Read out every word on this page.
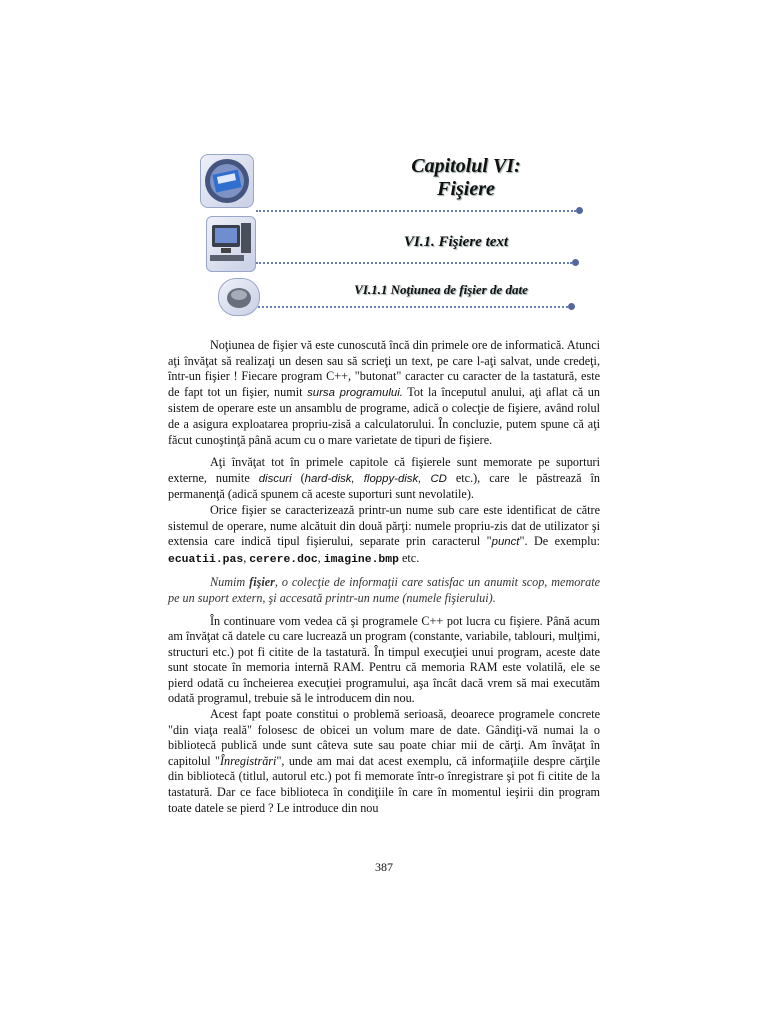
Capitolul VI:
Fişiere
VI.1. Fişiere text
VI.1.1 Noţiunea de fişier de date

Noţiunea de fişier vă este cunoscută încă din primele ore de informatică. Atunci aţi învăţat să realizaţi un desen sau să scrieţi un text, pe care l-aţi salvat, unde credeţi, într-un fişier ! Fiecare program C++, "butonat" caracter cu caracter de la tastatură, este de fapt tot un fişier, numit sursa programului. Tot la începutul anului, aţi aflat că un sistem de operare este un ansamblu de programe, adică o colecţie de fişiere, având rolul de a asigura exploatarea propriu-zisă a calculatorului. În concluzie, putem spune că aţi făcut cunoştinţă până acum cu o mare varietate de tipuri de fişiere.

Aţi învăţat tot în primele capitole că fişierele sunt memorate pe suporturi externe, numite discuri (hard-disk, floppy-disk, CD etc.), care le păstrează în permanenţă (adică spunem că aceste suporturi sunt nevolatile).

Orice fişier se caracterizează printr-un nume sub care este identificat de către sistemul de operare, nume alcătuit din două părţi: numele propriu-zis dat de utilizator şi extensia care indică tipul fişierului, separate prin caracterul "punct". De exemplu: ecuatii.pas, cerere.doc, imagine.bmp etc.

Numim fişier, o colecţie de informaţii care satisfac un anumit scop, memorate pe un suport extern, şi accesată printr-un nume (numele fişierului).

În continuare vom vedea că şi programele C++ pot lucra cu fişiere. Până acum am învăţat că datele cu care lucrează un program (constante, variabile, tablouri, mulţimi, structuri etc.) pot fi citite de la tastatură. În timpul execuţiei unui program, aceste date sunt stocate în memoria internă RAM. Pentru că memoria RAM este volatilă, ele se pierd odată cu încheierea execuţiei programului, aşa încât dacă vrem să mai executăm odată programul, trebuie să le introducem din nou.

Acest fapt poate constitui o problemă serioasă, deoarece programele concrete "din viaţa reală" folosesc de obicei un volum mare de date. Gândiţi-vă numai la o bibliotecă publică unde sunt câteva sute sau poate chiar mii de cărţi. Am învăţat în capitolul "Înregistrări", unde am mai dat acest exemplu, că informaţiile despre cărţile din bibliotecă (titlul, autorul etc.) pot fi memorate într-o înregistrare şi pot fi citite de la tastatură. Dar ce face biblioteca în condiţiile în care în momentul ieşirii din program toate datele se pierd ? Le introduce din nou

387
